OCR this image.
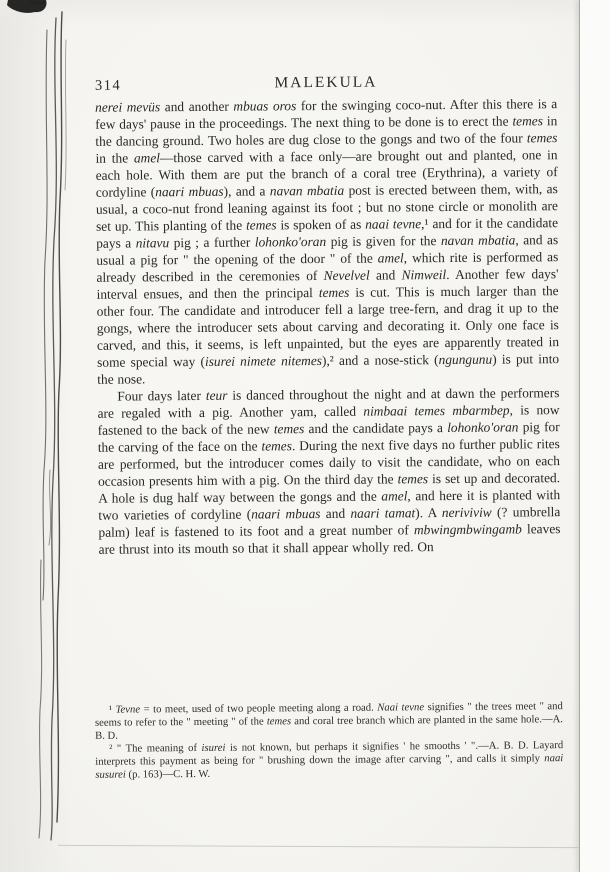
314	MALEKULA

nerei mevüs and another mbuas oros for the swinging coco-nut. After this there is a few days' pause in the proceedings. The next thing to be done is to erect the temes in the dancing ground. Two holes are dug close to the gongs and two of the four temes in the amel—those carved with a face only—are brought out and planted, one in each hole. With them are put the branch of a coral tree (Erythrina), a variety of cordyline (naari mbuas), and a navan mbatia post is erected between them, with, as usual, a coco-nut frond leaning against its foot ; but no stone circle or monolith are set up. This planting of the temes is spoken of as naai tevne,¹ and for it the candidate pays a nitavu pig ; a further lohonko'oran pig is given for the navan mbatia, and as usual a pig for " the opening of the door " of the amel, which rite is performed as already described in the ceremonies of Nevelvel and Nimweil. Another few days' interval ensues, and then the principal temes is cut. This is much larger than the other four. The candidate and introducer fell a large tree-fern, and drag it up to the gongs, where the introducer sets about carving and decorating it. Only one face is carved, and this, it seems, is left unpainted, but the eyes are apparently treated in some special way (isurei nimete nitemes),² and a nose-stick (ngungunu) is put into the nose.

Four days later teur is danced throughout the night and at dawn the performers are regaled with a pig. Another yam, called nimbaai temes mbarmbep, is now fastened to the back of the new temes and the candidate pays a lohonko'oran pig for the carving of the face on the temes. During the next five days no further public rites are performed, but the introducer comes daily to visit the candidate, who on each occasion presents him with a pig. On the third day the temes is set up and decorated. A hole is dug half way between the gongs and the amel, and here it is planted with two varieties of cordyline (naari mbuas and naari tamat). A neriviviw (? umbrella palm) leaf is fastened to its foot and a great number of mbwingmbwingamb leaves are thrust into its mouth so that it shall appear wholly red. On

¹ Tevne = to meet, used of two people meeting along a road. Naai tevne signifies " the trees meet " and seems to refer to the " meeting " of the temes and coral tree branch which are planted in the same hole.—A. B. D.

² " The meaning of isurei is not known, but perhaps it signifies ' he smooths ' ".—A. B. D. Layard interprets this payment as being for " brushing down the image after carving ", and calls it simply naai susurei (p. 163)—C. H. W.
